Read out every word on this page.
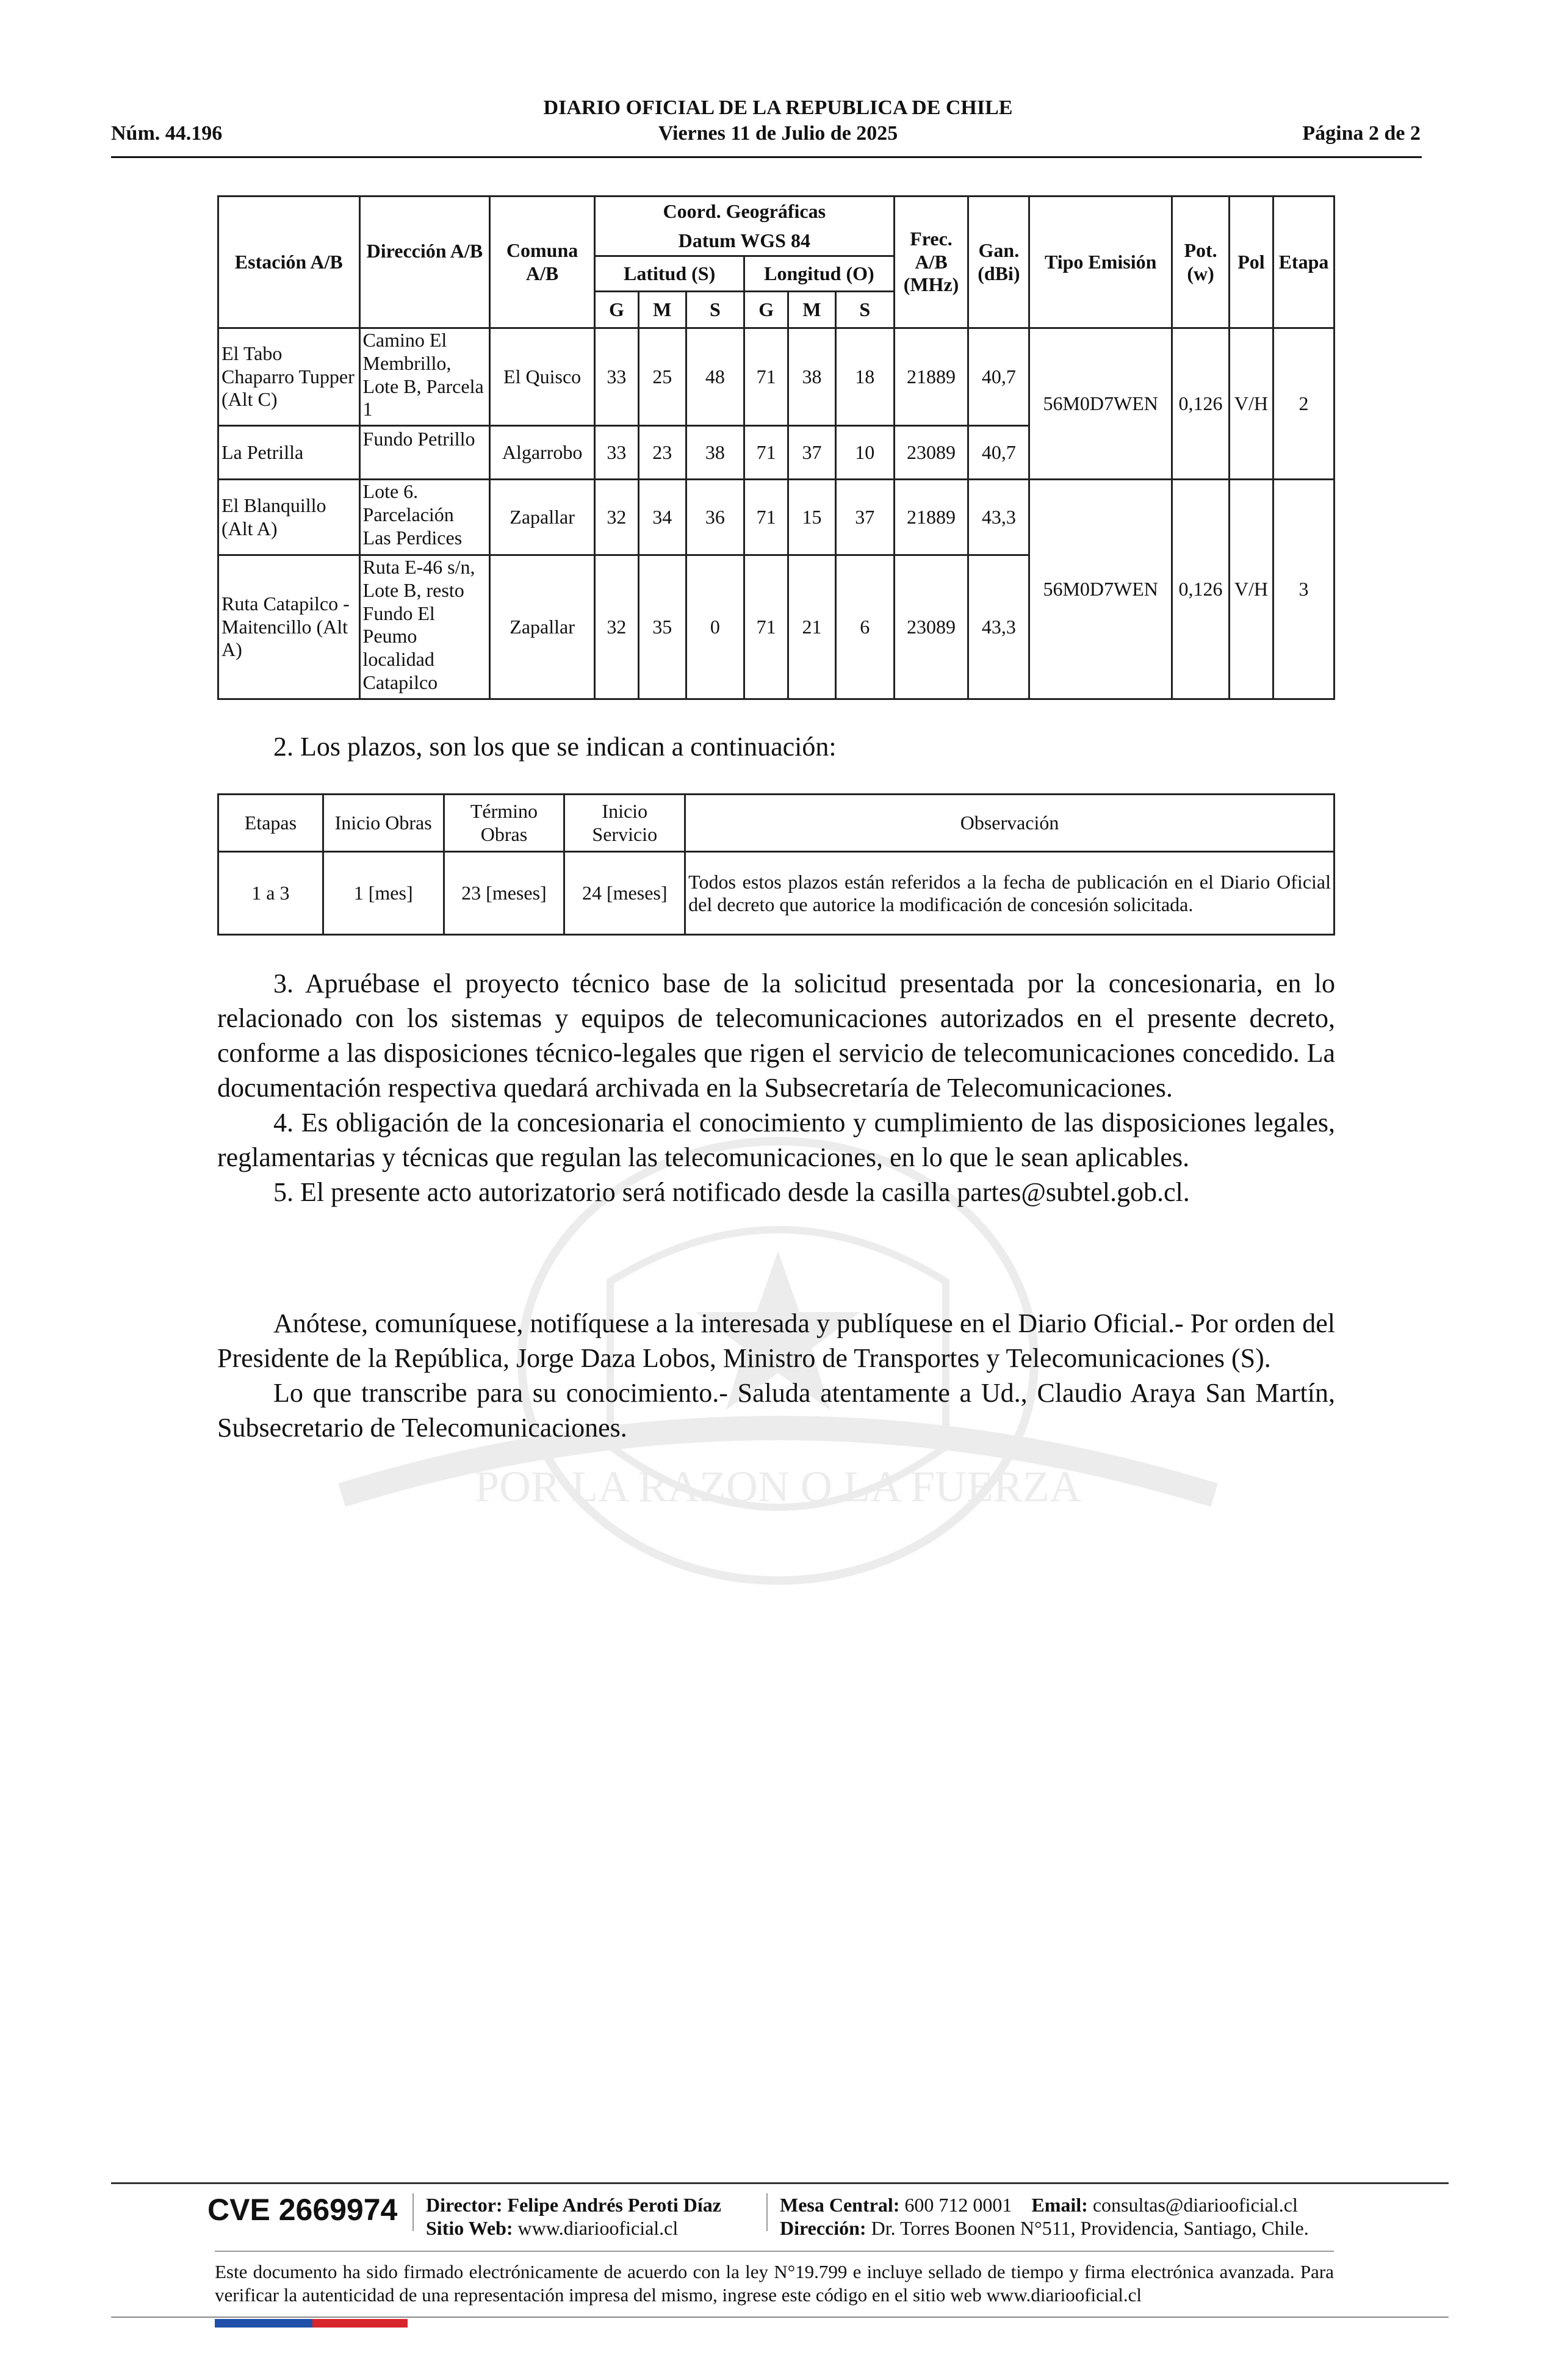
POR LA RAZON O LA FUERZA
DIARIO OFICIAL DE LA REPUBLICA DE CHILE
Núm. 44.196	Viernes 11 de Julio de 2025	Página 2 de 2
Estación A/B	Dirección A/B	Comuna A/B	Coord. Geográficas						Frec. A/B (MHz)	Gan. (dBi)	Tipo Emisión	Pot. (w)	Pol	Etapa
			Datum WGS 84											
			Latitud (S)			Longitud (O)								
			G	M	S	G	M	S						
El Tabo Chaparro Tupper (Alt C)	Camino El Membrillo, Lote B, Parcela 1	El Quisco	33	25	48	71	38	18	21889	40,7	56M0D7WEN	0,126	V/H	2
La Petrilla	Fundo Petrillo	Algarrobo	33	23	38	71	37	10	23089	40,7				
El Blanquillo (Alt A)	Lote 6. Parcelación Las Perdices	Zapallar	32	34	36	71	15	37	21889	43,3	56M0D7WEN	0,126	V/H	3
Ruta Catapilco - Maitencillo (Alt A)	Ruta E-46 s/n, Lote B, resto Fundo El Peumo localidad Catapilco	Zapallar	32	35	0	71	21	6	23089	43,3				
2. Los plazos, son los que se indican a continuación:
Etapas	Inicio Obras	Término Obras	Inicio Servicio	Observación
1 a 3	1 [mes]	23 [meses]	24 [meses]	Todos estos plazos están referidos a la fecha de publicación en el Diario Oficial del decreto que autorice la modificación de concesión solicitada.

3. Apruébase el proyecto técnico base de la solicitud presentada por la concesionaria, en lo relacionado con los sistemas y equipos de telecomunicaciones autorizados en el presente decreto, conforme a las disposiciones técnico-legales que rigen el servicio de telecomunicaciones concedido. La documentación respectiva quedará archivada en la Subsecretaría de Telecomunicaciones.

4. Es obligación de la concesionaria el conocimiento y cumplimiento de las disposiciones legales, reglamentarias y técnicas que regulan las telecomunicaciones, en lo que le sean aplicables.

5. El presente acto autorizatorio será notificado desde la casilla partes@subtel.gob.cl.

Anótese, comuníquese, notifíquese a la interesada y publíquese en el Diario Oficial.- Por orden del Presidente de la República, Jorge Daza Lobos, Ministro de Transportes y Telecomunicaciones (S).

Lo que transcribe para su conocimiento.- Saluda atentamente a Ud., Claudio Araya San Martín, Subsecretario de Telecomunicaciones.

CVE 2669974 Director: Felipe Andrés Peroti Díaz
Sitio Web: www.diariooficial.cl
Mesa Central: 600 712 0001 Email: consultas@diariooficial.cl
Dirección: Dr. Torres Boonen N°511, Providencia, Santiago, Chile.
Este documento ha sido firmado electrónicamente de acuerdo con la ley N°19.799 e incluye sellado de tiempo y firma electrónica avanzada. Para verificar la autenticidad de una representación impresa del mismo, ingrese este código en el sitio web www.diariooficial.cl
